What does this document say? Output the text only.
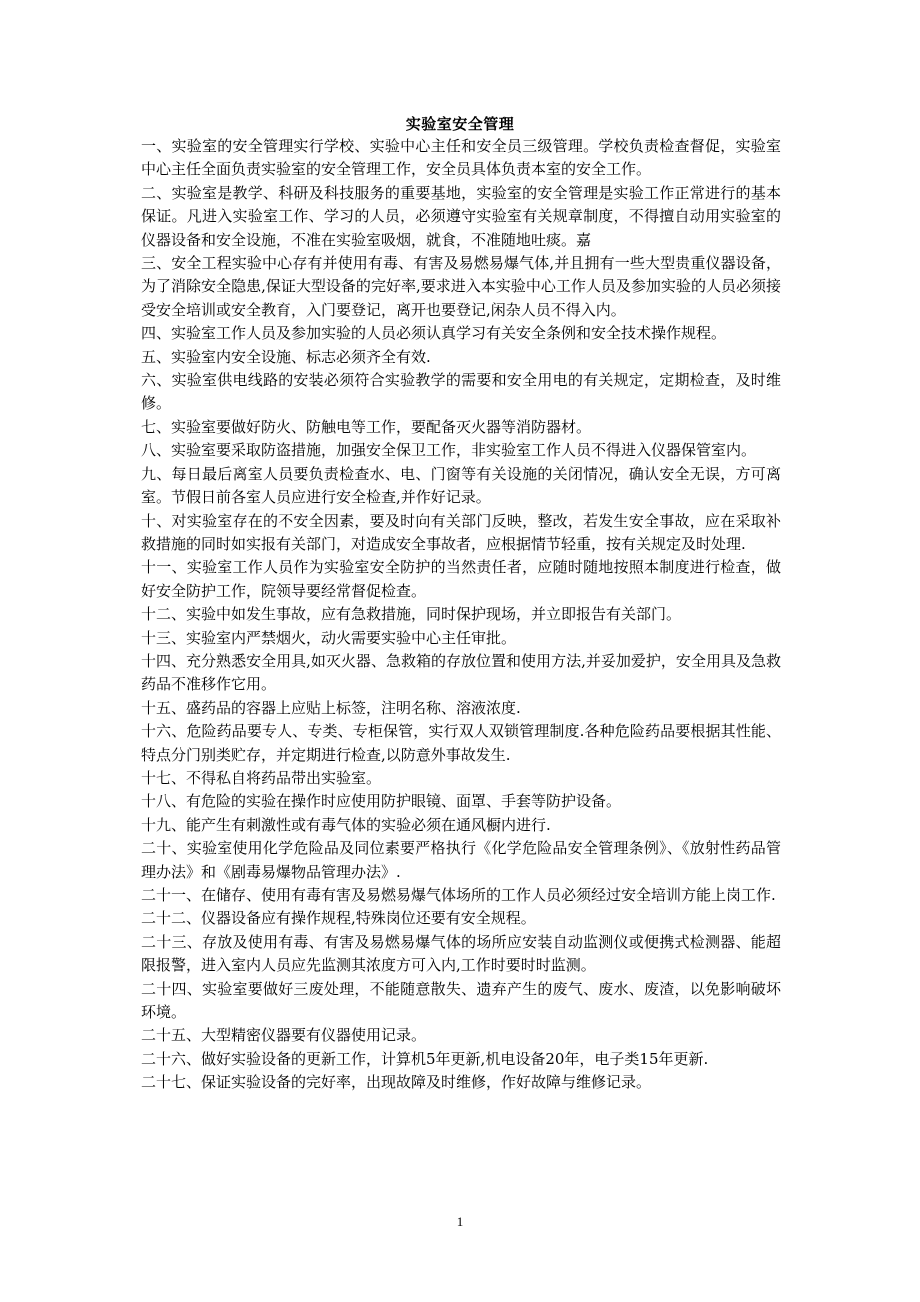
实验室安全管理

一、实验室的安全管理实行学校、实验中心主任和安全员三级管理。学校负责检查督促，实验室中心主任全面负责实验室的安全管理工作，安全员具体负责本室的安全工作。

二、实验室是教学、科研及科技服务的重要基地，实验室的安全管理是实验工作正常进行的基本保证。凡进入实验室工作、学习的人员，必须遵守实验室有关规章制度，不得擅自动用实验室的仪器设备和安全设施，不准在实验室吸烟，就食，不准随地吐痰。嘉

三、安全工程实验中心存有并使用有毒、有害及易燃易爆气体,并且拥有一些大型贵重仪器设备，为了消除安全隐患,保证大型设备的完好率,要求进入本实验中心工作人员及参加实验的人员必须接受安全培训或安全教育，入门要登记，离开也要登记,闲杂人员不得入内。

四、实验室工作人员及参加实验的人员必须认真学习有关安全条例和安全技术操作规程。

五、实验室内安全设施、标志必须齐全有效.

六、实验室供电线路的安装必须符合实验教学的需要和安全用电的有关规定，定期检查，及时维修。

七、实验室要做好防火、防触电等工作，要配备灭火器等消防器材。

八、实验室要采取防盗措施，加强安全保卫工作，非实验室工作人员不得进入仪器保管室内。

九、每日最后离室人员要负责检查水、电、门窗等有关设施的关闭情况，确认安全无误，方可离室。节假日前各室人员应进行安全检查,并作好记录。

十、对实验室存在的不安全因素，要及时向有关部门反映，整改，若发生安全事故，应在采取补救措施的同时如实报有关部门，对造成安全事故者，应根据情节轻重，按有关规定及时处理.

十一、实验室工作人员作为实验室安全防护的当然责任者，应随时随地按照本制度进行检查，做好安全防护工作，院领导要经常督促检查。

十二、实验中如发生事故，应有急救措施，同时保护现场，并立即报告有关部门。

十三、实验室内严禁烟火，动火需要实验中心主任审批。

十四、充分熟悉安全用具,如灭火器、急救箱的存放位置和使用方法,并妥加爱护，安全用具及急救药品不准移作它用。

十五、盛药品的容器上应贴上标签，注明名称、溶液浓度.

十六、危险药品要专人、专类、专柜保管，实行双人双锁管理制度.各种危险药品要根据其性能、特点分门别类贮存，并定期进行检查,以防意外事故发生.

十七、不得私自将药品带出实验室。

十八、有危险的实验在操作时应使用防护眼镜、面罩、手套等防护设备。

十九、能产生有刺激性或有毒气体的实验必须在通风橱内进行.

二十、实验室使用化学危险品及同位素要严格执行《化学危险品安全管理条例》、《放射性药品管理办法》和《剧毒易爆物品管理办法》.

二十一、在储存、使用有毒有害及易燃易爆气体场所的工作人员必须经过安全培训方能上岗工作.

二十二、仪器设备应有操作规程,特殊岗位还要有安全规程。

二十三、存放及使用有毒、有害及易燃易爆气体的场所应安装自动监测仪或便携式检测器、能超限报警，进入室内人员应先监测其浓度方可入内,工作时要时时监测。

二十四、实验室要做好三废处理，不能随意散失、遗弃产生的废气、废水、废渣，以免影响破坏环境。

二十五、大型精密仪器要有仪器使用记录。

二十六、做好实验设备的更新工作，计算机5年更新,机电设备20年，电子类15年更新.

二十七、保证实验设备的完好率，出现故障及时维修，作好故障与维修记录。

1
